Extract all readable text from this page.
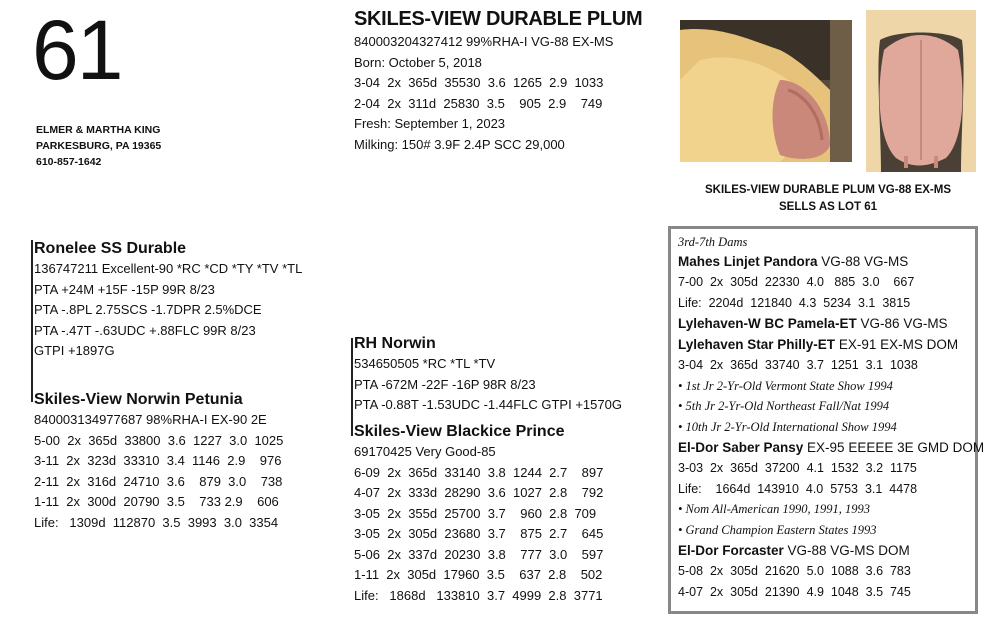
61
ELMER & MARTHA KING
PARKESBURG, PA 19365
610-857-1642
SKILES-VIEW DURABLE PLUM
840003204327412 99%RHA-I VG-88 EX-MS
Born: October 5, 2018
3-04  2x  365d  35530  3.6  1265  2.9  1033
2-04  2x  311d  25830  3.5    905  2.9    749
Fresh: September 1, 2023
Milking: 150# 3.9F 2.4P SCC 29,000
SKILES-VIEW DURABLE PLUM VG-88 EX-MS
SELLS AS LOT 61
Ronelee SS Durable
136747211 Excellent-90 *RC *CD *TY *TV *TL
PTA +24M +15F -15P 99R 8/23
PTA -.8PL 2.75SCS -1.7DPR 2.5%DCE
PTA -.47T -.63UDC +.88FLC 99R 8/23
GTPI +1897G
Skiles-View Norwin Petunia
840003134977687 98%RHA-I EX-90 2E
5-00  2x  365d  33800  3.6  1227  3.0  1025
3-11  2x  323d  33310  3.4  1146  2.9    976
2-11  2x  316d  24710  3.6    879  3.0    738
1-11  2x  300d  20790  3.5    733 2.9    606
Life:   1309d  112870  3.5  3993  3.0  3354
RH Norwin
534650505 *RC *TL *TV
PTA -672M -22F -16P 98R 8/23
PTA -0.88T -1.53UDC -1.44FLC GTPI +1570G
Skiles-View Blackice Prince
69170425 Very Good-85
6-09  2x  365d  33140  3.8  1244  2.7    897
4-07  2x  333d  28290  3.6  1027  2.8    792
3-05  2x  355d  25700  3.7    960  2.8  709
3-05  2x  305d  23680  3.7    875  2.7    645
5-06  2x  337d  20230  3.8    777  3.0    597
1-11  2x  305d  17960  3.5    637  2.8    502
Life:   1868d   133810  3.7  4999  2.8  3771
3rd-7th Dams
Mahes Linjet Pandora VG-88 VG-MS
7-00  2x  305d  22330  4.0   885  3.0    667
Life:  2204d  121840  4.3  5234  3.1  3815
Lylehaven-W BC Pamela-ET VG-86 VG-MS
Lylehaven Star Philly-ET EX-91 EX-MS DOM
3-04  2x  365d  33740  3.7  1251  3.1  1038
• 1st Jr 2-Yr-Old Vermont State Show 1994
• 5th Jr 2-Yr-Old Northeast Fall/Nat 1994
• 10th Jr 2-Yr-Old International Show 1994
El-Dor Saber Pansy EX-95 EEEEE 3E GMD DOM
3-03  2x  365d  37200  4.1  1532  3.2  1175
Life:    1664d  143910  4.0  5753  3.1  4478
• Nom All-American 1990, 1991, 1993
• Grand Champion Eastern States 1993
El-Dor Forcaster VG-88 VG-MS DOM
5-08  2x  305d  21620  5.0  1088  3.6  783
4-07  2x  305d  21390  4.9  1048  3.5  745
